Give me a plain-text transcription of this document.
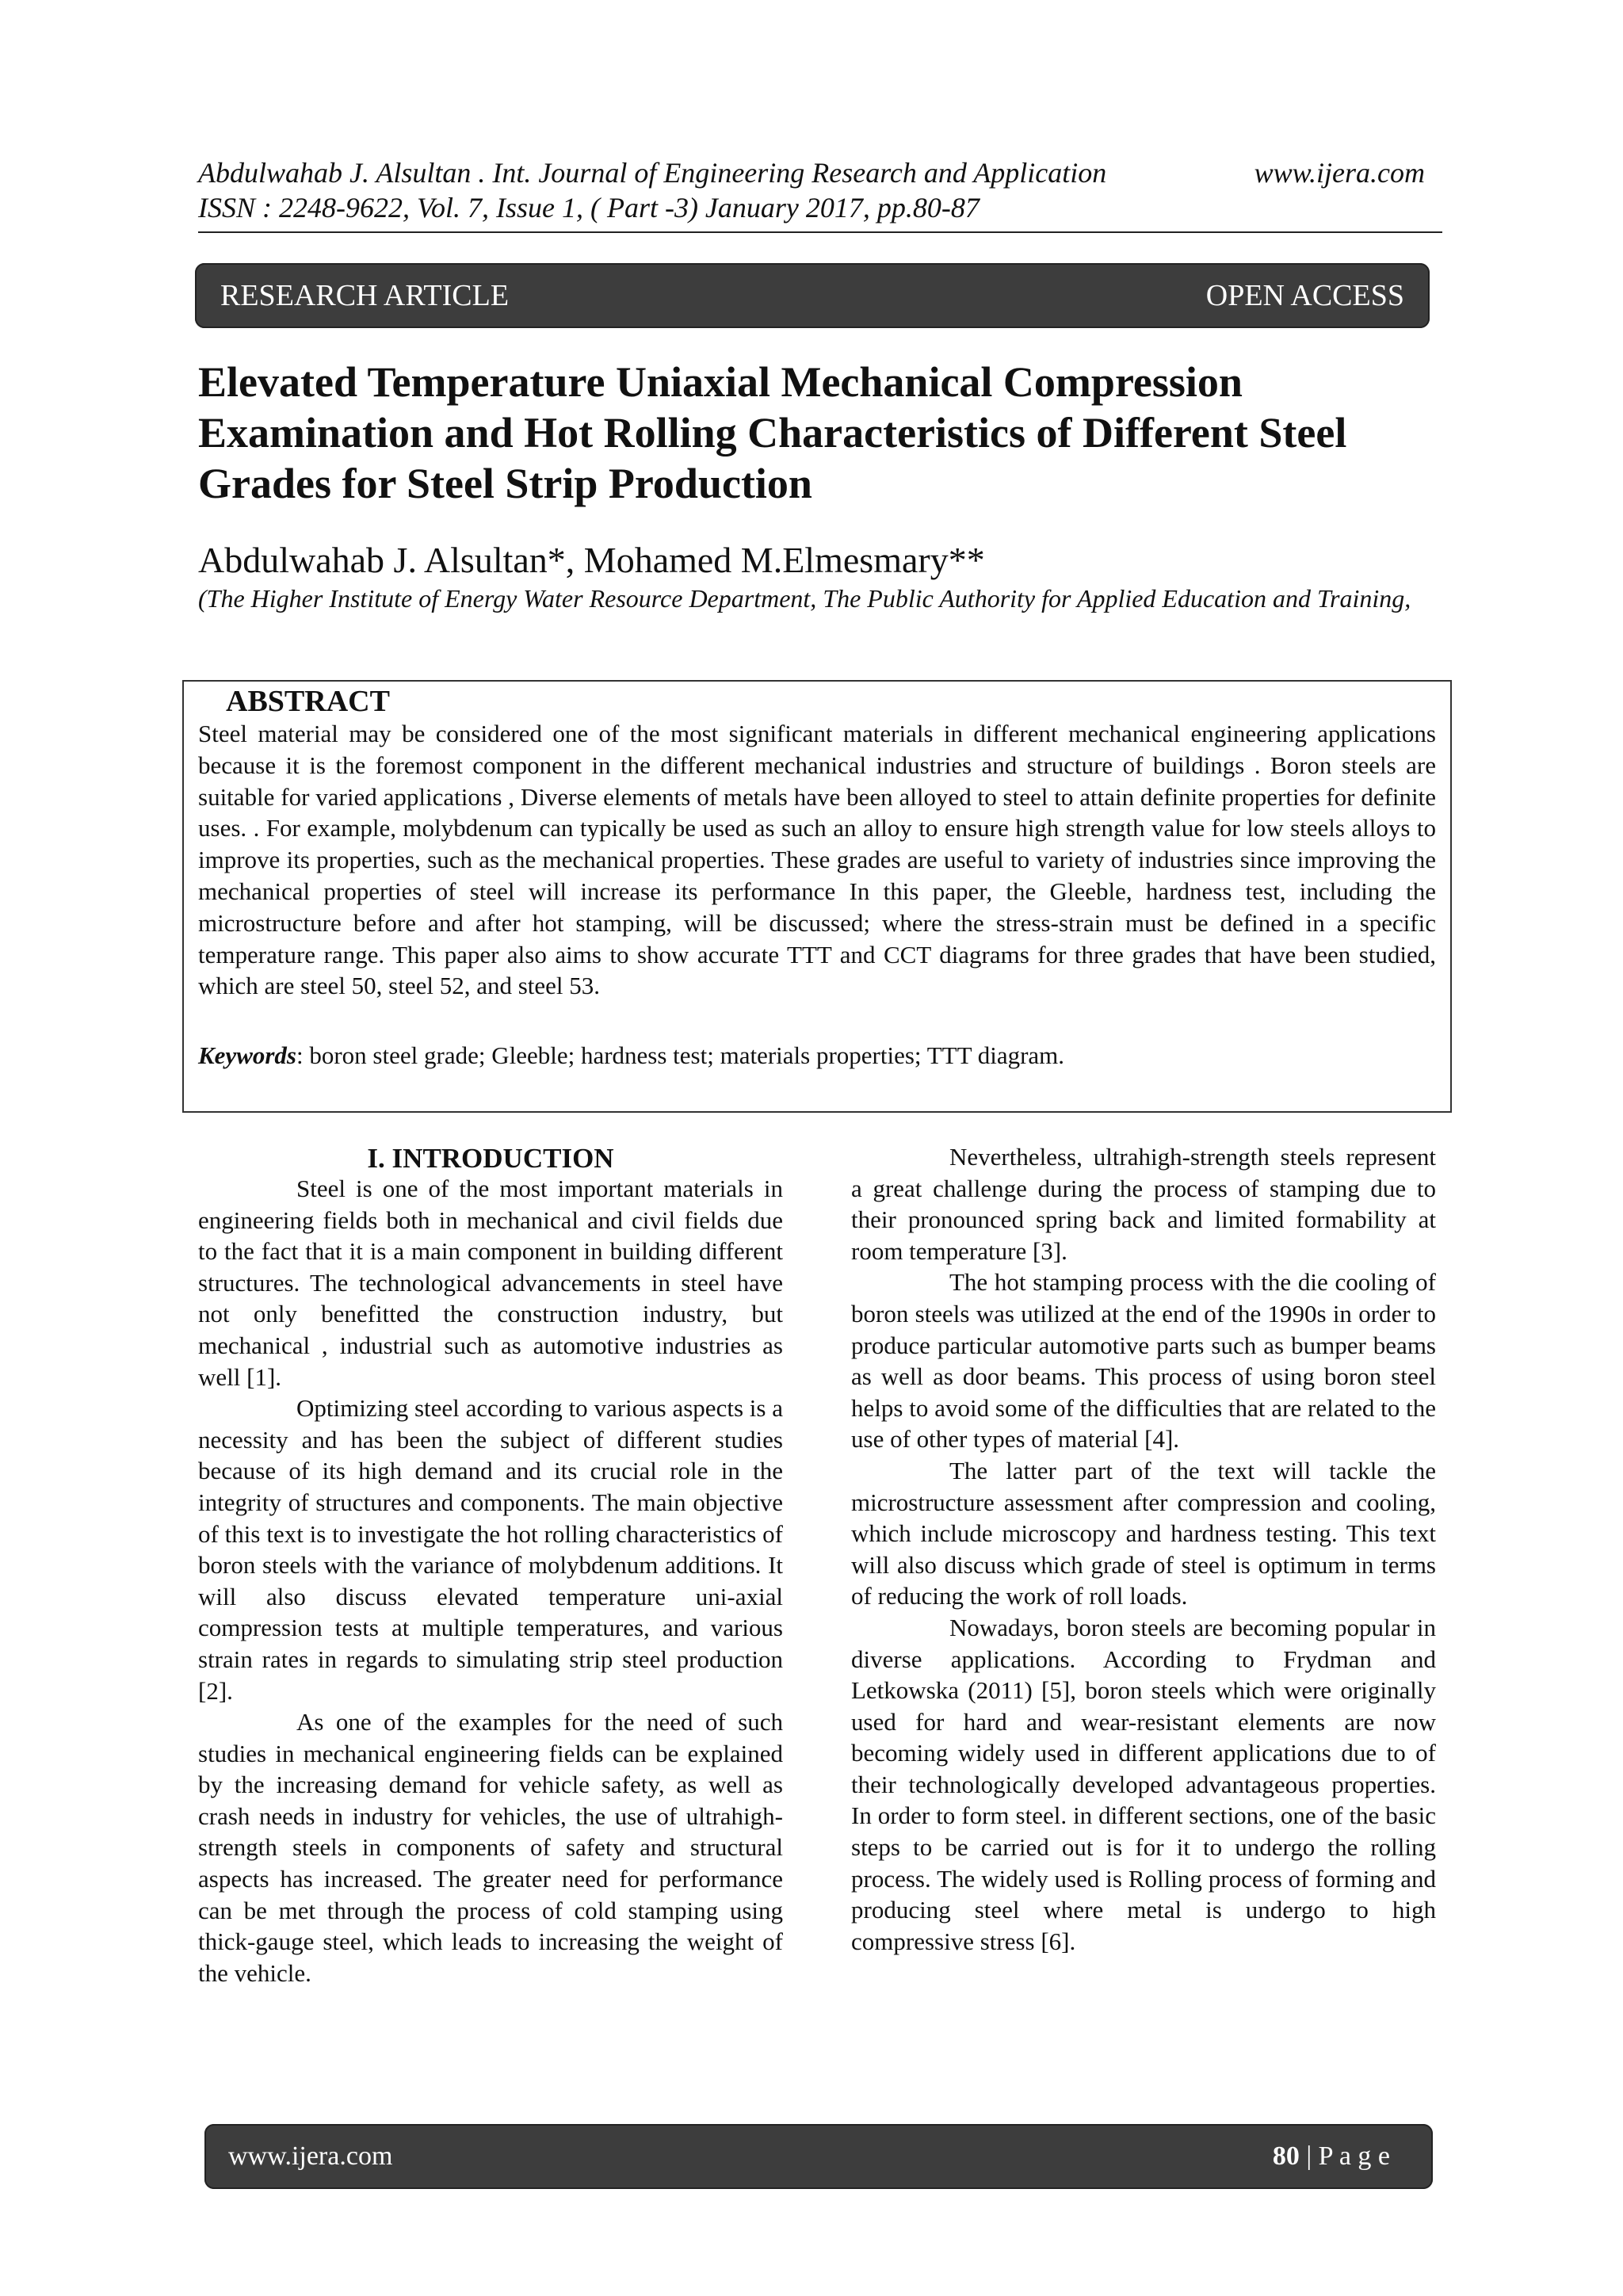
Abdulwahab J. Alsultan . Int. Journal of Engineering Research and Application	www.ijera.com
ISSN : 2248-9622, Vol. 7, Issue 1, ( Part -3) January 2017, pp.80-87
RESEARCH ARTICLE	OPEN ACCESS
Elevated Temperature Uniaxial Mechanical Compression Examination and Hot Rolling Characteristics of Different Steel Grades for Steel Strip Production
Abdulwahab J. Alsultan*, Mohamed M.Elmesmary**
(The Higher Institute of Energy Water Resource Department, The Public Authority for Applied Education and Training,
ABSTRACT
Steel material may be considered one of the most significant materials in different mechanical engineering applications because it is the foremost component in the different mechanical industries and structure of buildings . Boron steels are suitable for varied applications , Diverse elements of metals have been alloyed to steel to attain definite properties for definite uses. . For example, molybdenum can typically be used as such an alloy to ensure high strength value for low steels alloys to improve its properties, such as the mechanical properties. These grades are useful to variety of industries since improving the mechanical properties of steel will increase its performance In this paper, the Gleeble, hardness test, including the microstructure before and after hot stamping, will be discussed; where the stress-strain must be defined in a specific temperature range. This paper also aims to show accurate TTT and CCT diagrams for three grades that have been studied, which are steel 50, steel 52, and steel 53.
Keywords: boron steel grade; Gleeble; hardness test; materials properties; TTT diagram.
I. INTRODUCTION

Steel is one of the most important materials in engineering fields both in mechanical and civil fields due to the fact that it is a main component in building different structures. The technological advancements in steel have not only benefitted the construction industry, but mechanical , industrial such as automotive industries as well [1].

Optimizing steel according to various aspects is a necessity and has been the subject of different studies because of its high demand and its crucial role in the integrity of structures and components. The main objective of this text is to investigate the hot rolling characteristics of boron steels with the variance of molybdenum additions. It will also discuss elevated temperature uni-axial compression tests at multiple temperatures, and various strain rates in regards to simulating strip steel production [2].

As one of the examples for the need of such studies in mechanical engineering fields can be explained by the increasing demand for vehicle safety, as well as crash needs in industry for vehicles, the use of ultrahigh-strength steels in components of safety and structural aspects has increased. The greater need for performance can be met through the process of cold stamping using thick-gauge steel, which leads to increasing the weight of the vehicle.

Nevertheless, ultrahigh-strength steels represent a great challenge during the process of stamping due to their pronounced spring back and limited formability at room temperature [3].

The hot stamping process with the die cooling of boron steels was utilized at the end of the 1990s in order to produce particular automotive parts such as bumper beams as well as door beams. This process of using boron steel helps to avoid some of the difficulties that are related to the use of other types of material [4].

The latter part of the text will tackle the microstructure assessment after compression and cooling, which include microscopy and hardness testing. This text will also discuss which grade of steel is optimum in terms of reducing the work of roll loads.

Nowadays, boron steels are becoming popular in diverse applications. According to Frydman and Letkowska (2011) [5], boron steels which were originally used for hard and wear-resistant elements are now becoming widely used in different applications due to of their technologically developed advantageous properties. In order to form steel. in different sections, one of the basic steps to be carried out is for it to undergo the rolling process. The widely used is Rolling process of forming and producing steel where metal is undergo to high compressive stress [6].

www.ijera.com	80 | P a g e
